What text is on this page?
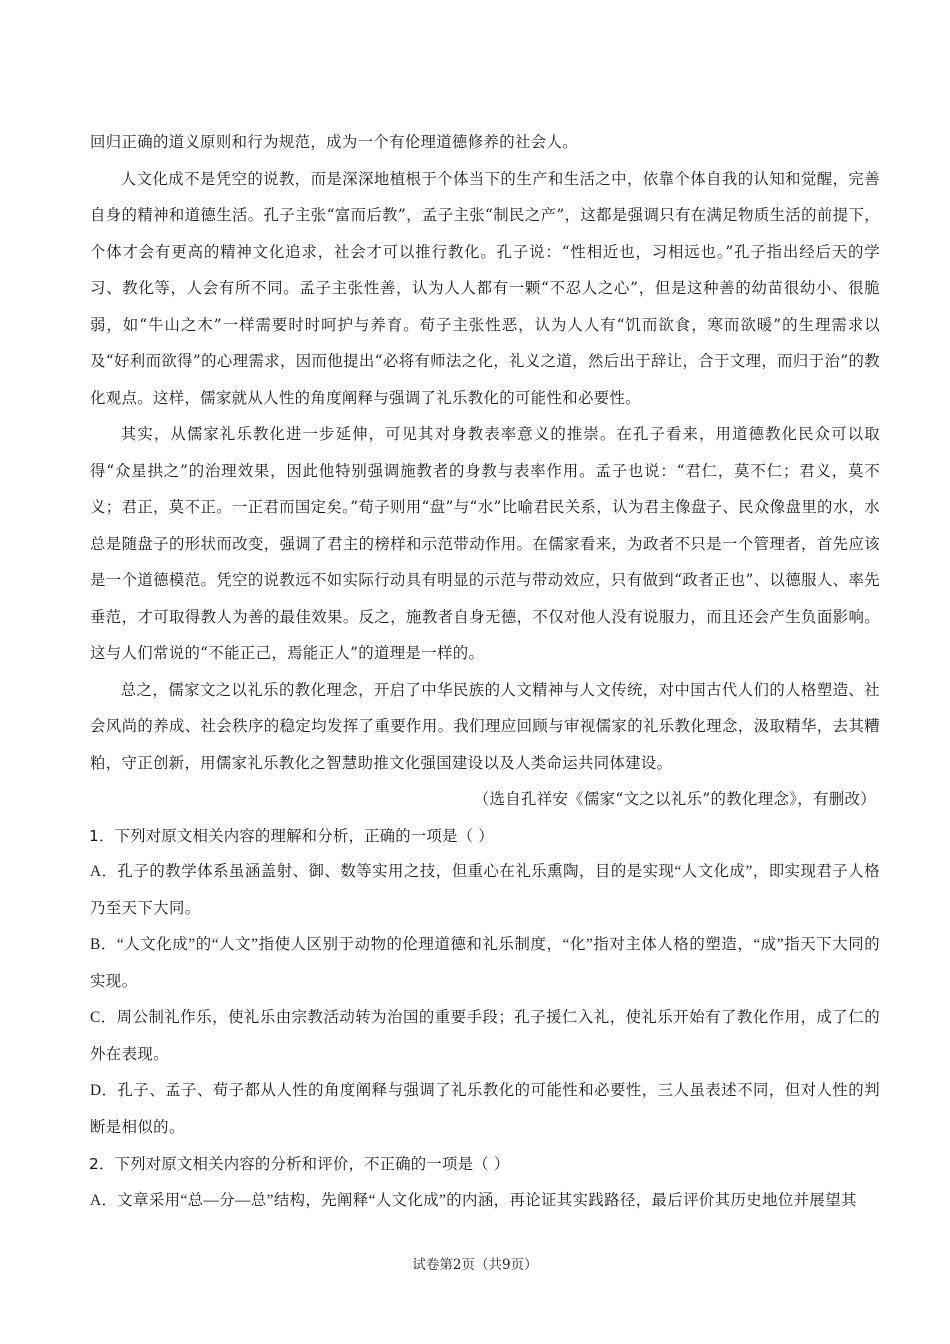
回归正确的道义原则和行为规范，成为一个有伦理道德修养的社会人。

人文化成不是凭空的说教，而是深深地植根于个体当下的生产和生活之中，依靠个体自我的认知和觉醒，完善自身的精神和道德生活。孔子主张“富而后教”，孟子主张“制民之产”，这都是强调只有在满足物质生活的前提下，个体才会有更高的精神文化追求，社会才可以推行教化。孔子说：“性相近也，习相远也。”孔子指出经后天的学习、教化等，人会有所不同。孟子主张性善，认为人人都有一颗“不忍人之心”，但是这种善的幼苗很幼小、很脆弱，如“牛山之木”一样需要时时呵护与养育。荀子主张性恶，认为人人有“饥而欲食，寒而欲暖”的生理需求以及“好利而欲得”的心理需求，因而他提出“必将有师法之化，礼义之道，然后出于辞让，合于文理，而归于治”的教化观点。这样，儒家就从人性的角度阐释与强调了礼乐教化的可能性和必要性。

其实，从儒家礼乐教化进一步延伸，可见其对身教表率意义的推崇。在孔子看来，用道德教化民众可以取得“众星拱之”的治理效果，因此他特别强调施教者的身教与表率作用。孟子也说：“君仁，莫不仁；君义，莫不义；君正，莫不正。一正君而国定矣。”荀子则用“盘”与“水”比喻君民关系，认为君主像盘子、民众像盘里的水，水总是随盘子的形状而改变，强调了君主的榜样和示范带动作用。在儒家看来，为政者不只是一个管理者，首先应该是一个道德模范。凭空的说教远不如实际行动具有明显的示范与带动效应，只有做到“政者正也”、以德服人、率先垂范，才可取得教人为善的最佳效果。反之，施教者自身无德，不仅对他人没有说服力，而且还会产生负面影响。这与人们常说的“不能正己，焉能正人”的道理是一样的。

总之，儒家文之以礼乐的教化理念，开启了中华民族的人文精神与人文传统，对中国古代人们的人格塑造、社会风尚的养成、社会秩序的稳定均发挥了重要作用。我们理应回顾与审视儒家的礼乐教化理念，汲取精华，去其糟粕，守正创新，用儒家礼乐教化之智慧助推文化强国建设以及人类命运共同体建设。

（选自孔祥安《儒家“文之以礼乐”的教化理念》，有删改）
1．下列对原文相关内容的理解和分析，正确的一项是（ ）

A．孔子的教学体系虽涵盖射、御、数等实用之技，但重心在礼乐熏陶，目的是实现“人文化成”，即实现君子人格乃至天下大同。

B．“人文化成”的“人文”指使人区别于动物的伦理道德和礼乐制度，“化”指对主体人格的塑造，“成”指天下大同的实现。

C．周公制礼作乐，使礼乐由宗教活动转为治国的重要手段；孔子援仁入礼，使礼乐开始有了教化作用，成了仁的外在表现。

D．孔子、孟子、荀子都从人性的角度阐释与强调了礼乐教化的可能性和必要性，三人虽表述不同，但对人性的判断是相似的。

2．下列对原文相关内容的分析和评价，不正确的一项是（ ）

A．文章采用“总—分—总”结构，先阐释“人文化成”的内涵，再论证其实践路径，最后评价其历史地位并展望其

试卷第2页（共9页）
